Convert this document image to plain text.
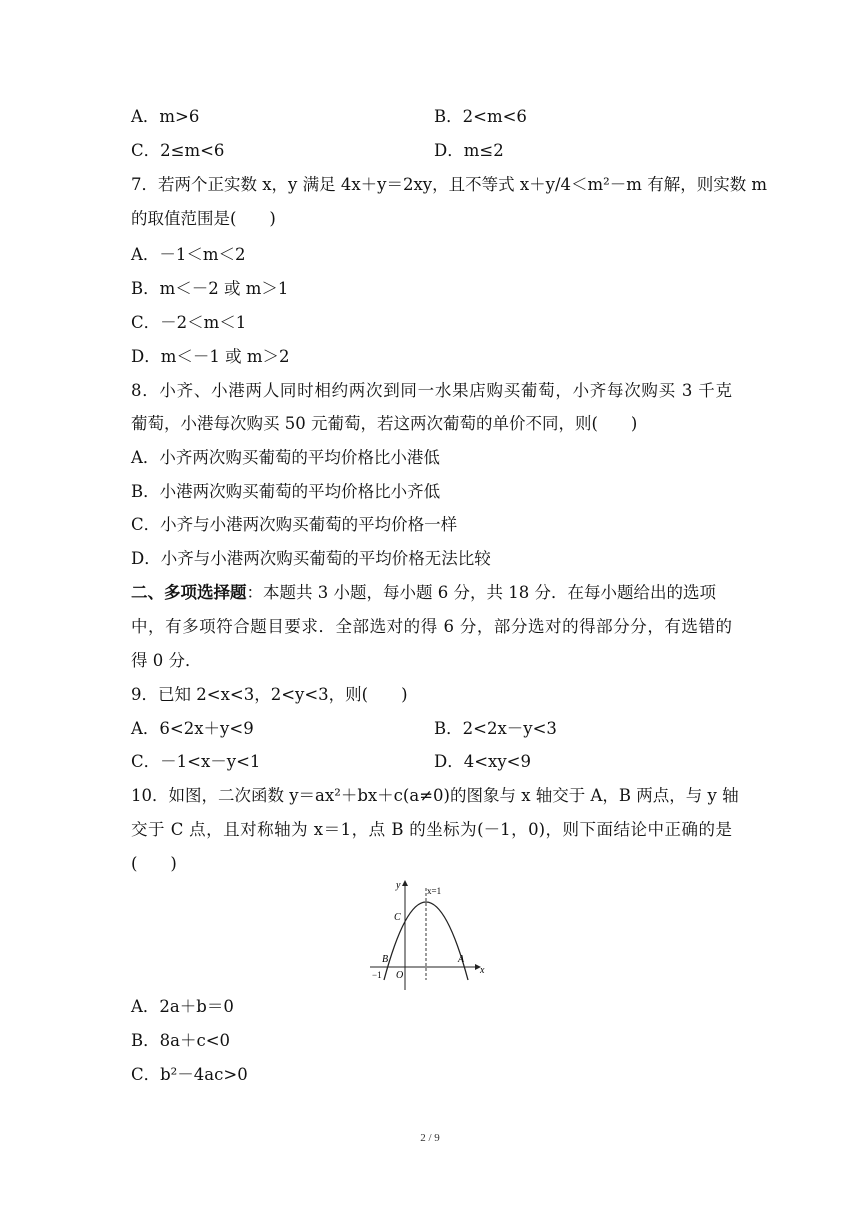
A．m>6	B．2<m<6
C．2≤m<6	D．m≤2
7．若两个正实数 x，y 满足 4x＋y＝2xy，且不等式 x＋y/4＜m²－m 有解，则实数 m
的取值范围是(　　)
A．－1＜m＜2
B．m＜－2 或 m＞1
C．－2＜m＜1
D．m＜－1 或 m＞2
8．小齐、小港两人同时相约两次到同一水果店购买葡萄，小齐每次购买 3 千克
葡萄，小港每次购买 50 元葡萄，若这两次葡萄的单价不同，则(　　)
A．小齐两次购买葡萄的平均价格比小港低
B．小港两次购买葡萄的平均价格比小齐低
C．小齐与小港两次购买葡萄的平均价格一样
D．小齐与小港两次购买葡萄的平均价格无法比较
二、多项选择题：本题共 3 小题，每小题 6 分，共 18 分．在每小题给出的选项
中，有多项符合题目要求．全部选对的得 6 分，部分选对的得部分分，有选错的
得 0 分．
9．已知 2<x<3，2<y<3，则(　　)
A．6<2x＋y<9	B．2<2x－y<3
C．－1<x－y<1	D．4<xy<9
10．如图，二次函数 y＝ax²＋bx＋c(a≠0)的图象与 x 轴交于 A，B 两点，与 y 轴
交于 C 点，且对称轴为 x＝1，点 B 的坐标为(－1，0)，则下面结论中正确的是
(　　)
y
x
x=1
C
B	A
O
−1
A．2a＋b＝0
B．8a＋c<0
C．b²－4ac>0
2 / 9
